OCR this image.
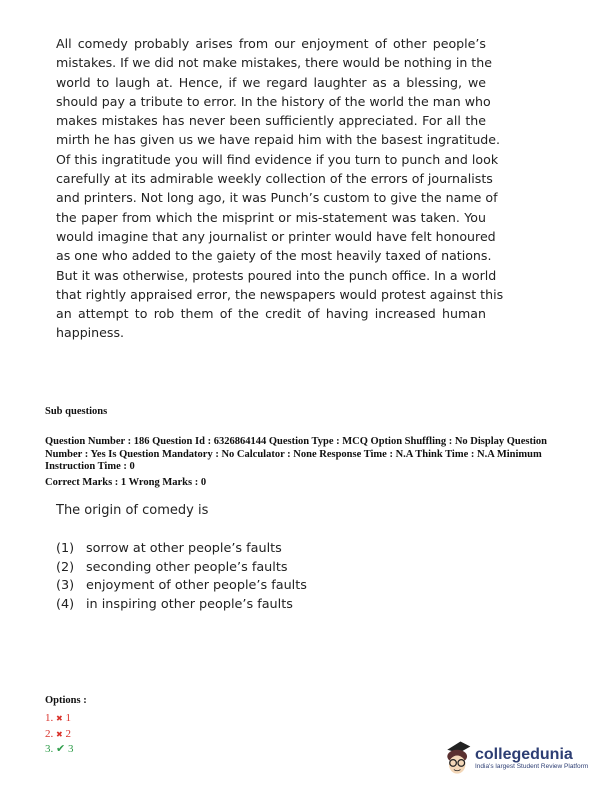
All comedy probably arises from our enjoyment of other people’s
mistakes. If we did not make mistakes, there would be nothing in the
world to laugh at. Hence, if we regard laughter as a blessing, we
should pay a tribute to error. In the history of the world the man who
makes mistakes has never been sufficiently appreciated. For all the
mirth he has given us we have repaid him with the basest ingratitude.
Of this ingratitude you will find evidence if you turn to punch and look
carefully at its admirable weekly collection of the errors of journalists
and printers. Not long ago, it was Punch’s custom to give the name of
the paper from which the misprint or mis-statement was taken. You
would imagine that any journalist or printer would have felt honoured
as one who added to the gaiety of the most heavily taxed of nations.
But it was otherwise, protests poured into the punch office. In a world
that rightly appraised error, the newspapers would protest against this
an attempt to rob them of the credit of having increased human
happiness.
Sub questions
Question Number : 186 Question Id : 6326864144 Question Type : MCQ Option Shuffling : No Display Question Number : Yes Is Question Mandatory : No Calculator : None Response Time : N.A Think Time : N.A Minimum Instruction Time : 0
Correct Marks : 1 Wrong Marks : 0
The origin of comedy is
(1) sorrow at other people’s faults
(2) seconding other people’s faults
(3) enjoyment of other people’s faults
(4) in inspiring other people’s faults
Options :
1. ✖ 1
2. ✖ 2
3. ✔ 3	collegedunia
India's largest Student Review Platform
